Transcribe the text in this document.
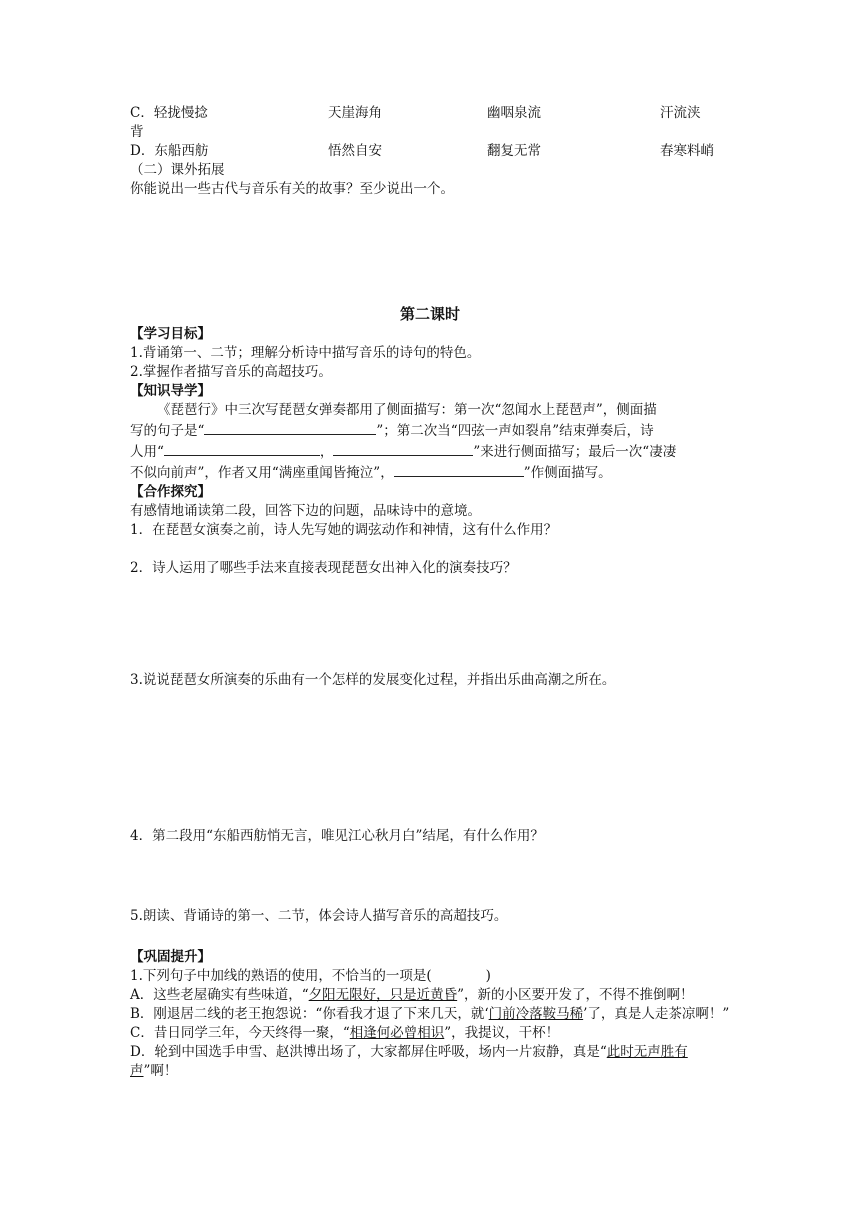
C．轻拢慢捻	天崖海角	幽咽泉流	汗流浃
背
D．东船西舫	悟然自安	翻复无常	春寒料峭
（二）课外拓展
你能说出一些古代与音乐有关的故事？至少说出一个。
第二课时
【学习目标】
1.背诵第一、二节；理解分析诗中描写音乐的诗句的特色。
2.掌握作者描写音乐的高超技巧。
【知识导学】
《琵琶行》中三次写琵琶女弹奏都用了侧面描写：第一次“忽闻水上琵琶声”，侧面描
写的句子是“	”；第二次当“四弦一声如裂帛”结束弹奏后，诗
人用“	，	”来进行侧面描写；最后一次“凄凄
不似向前声”，作者又用“满座重闻皆掩泣”，	”作侧面描写。
【合作探究】
有感情地诵读第二段，回答下边的问题，品味诗中的意境。
1．在琵琶女演奏之前，诗人先写她的调弦动作和神情，这有什么作用？
2．诗人运用了哪些手法来直接表现琵琶女出神入化的演奏技巧？
3.说说琵琶女所演奏的乐曲有一个怎样的发展变化过程，并指出乐曲高潮之所在。
4．第二段用“东船西舫悄无言，唯见江心秋月白”结尾，有什么作用？
5.朗读、背诵诗的第一、二节，体会诗人描写音乐的高超技巧。
【巩固提升】
1.下列句子中加线的熟语的使用，不恰当的一项是(　　　　)
A．这些老屋确实有些味道，“夕阳无限好，只是近黄昏”，新的小区要开发了，不得不推倒啊！
B．刚退居二线的老王抱怨说：“你看我才退了下来几天，就‘门前冷落鞍马稀’了，真是人走茶凉啊！”
C．昔日同学三年，今天终得一聚，“相逢何必曾相识”，我提议，干杯！
D．轮到中国选手申雪、赵洪博出场了，大家都屏住呼吸，场内一片寂静，真是“此时无声胜有声”啊！
